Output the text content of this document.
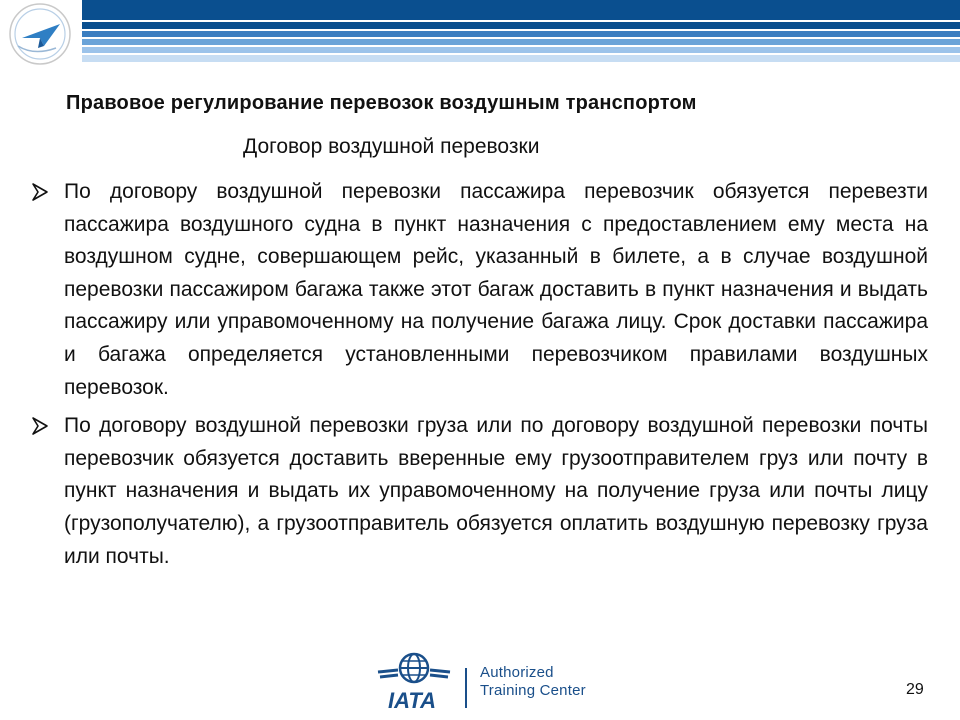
Правовое регулирование перевозок воздушным транспортом
Договор воздушной перевозки
По договору воздушной перевозки пассажира перевозчик обязуется перевезти пассажира воздушного судна в пункт назначения с предоставлением ему места на воздушном судне, совершающем рейс, указанный в билете, а в случае воздушной перевозки пассажиром багажа также этот багаж доставить в пункт назначения и выдать пассажиру или управомоченному на получение багажа лицу. Срок доставки пассажира и багажа определяется установленными перевозчиком правилами воздушных перевозок.
По договору воздушной перевозки груза или по договору воздушной перевозки почты перевозчик обязуется доставить вверенные ему грузоотправителем груз или почту в пункт назначения и выдать их управомоченному на получение груза или почты лицу (грузополучателю), а грузоотправитель обязуется оплатить воздушную перевозку груза или почты.
IATA
Authorized
Training Center	29
